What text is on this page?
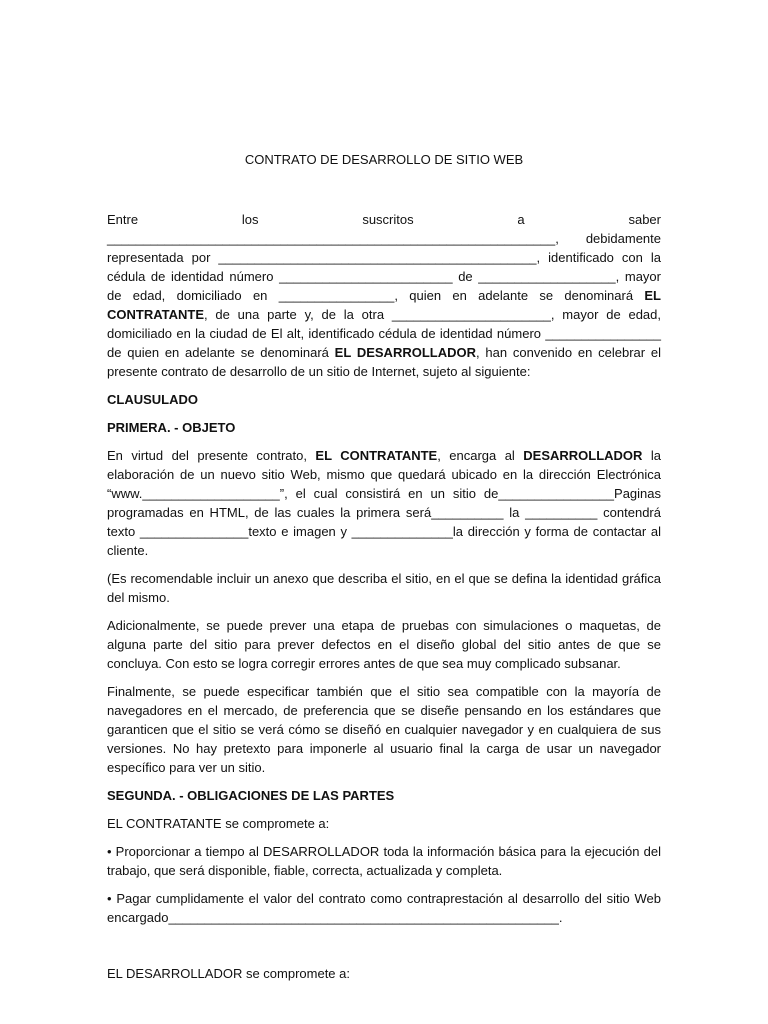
CONTRATO DE DESARROLLO DE SITIO WEB

Entre los suscritos a saber ______________________________________________________________, debidamente representada por ____________________________________________, identificado con la cédula de identidad número ________________________ de ___________________, mayor de edad, domiciliado en ________________, quien en adelante se denominará EL CONTRATANTE, de una parte y, de la otra ______________________, mayor de edad, domiciliado en la ciudad de El alt, identificado cédula de identidad número ________________ de quien en adelante se denominará EL DESARROLLADOR, han convenido en celebrar el presente contrato de desarrollo de un sitio de Internet, sujeto al siguiente:

CLAUSULADO

PRIMERA. - OBJETO

En virtud del presente contrato, EL CONTRATANTE, encarga al DESARROLLADOR la elaboración de un nuevo sitio Web, mismo que quedará ubicado en la dirección Electrónica “www.___________________”, el cual consistirá en un sitio de________________Paginas programadas en HTML, de las cuales la primera será__________ la __________ contendrá texto _______________texto e imagen y ______________la dirección y forma de contactar al cliente.

(Es recomendable incluir un anexo que describa el sitio, en el que se defina la identidad gráfica del mismo.

Adicionalmente, se puede prever una etapa de pruebas con simulaciones o maquetas, de alguna parte del sitio para prever defectos en el diseño global del sitio antes de que se concluya. Con esto se logra corregir errores antes de que sea muy complicado subsanar.

Finalmente, se puede especificar también que el sitio sea compatible con la mayoría de navegadores en el mercado, de preferencia que se diseñe pensando en los estándares que garanticen que el sitio se verá cómo se diseñó en cualquier navegador y en cualquiera de sus versiones. No hay pretexto para imponerle al usuario final la carga de usar un navegador específico para ver un sitio.

SEGUNDA. - OBLIGACIONES DE LAS PARTES

EL CONTRATANTE se compromete a:

• Proporcionar a tiempo al DESARROLLADOR toda la información básica para la ejecución del trabajo, que será disponible, fiable, correcta, actualizada y completa.

• Pagar cumplidamente el valor del contrato como contraprestación al desarrollo del sitio Web encargado______________________________________________________.

EL DESARROLLADOR se compromete a:
